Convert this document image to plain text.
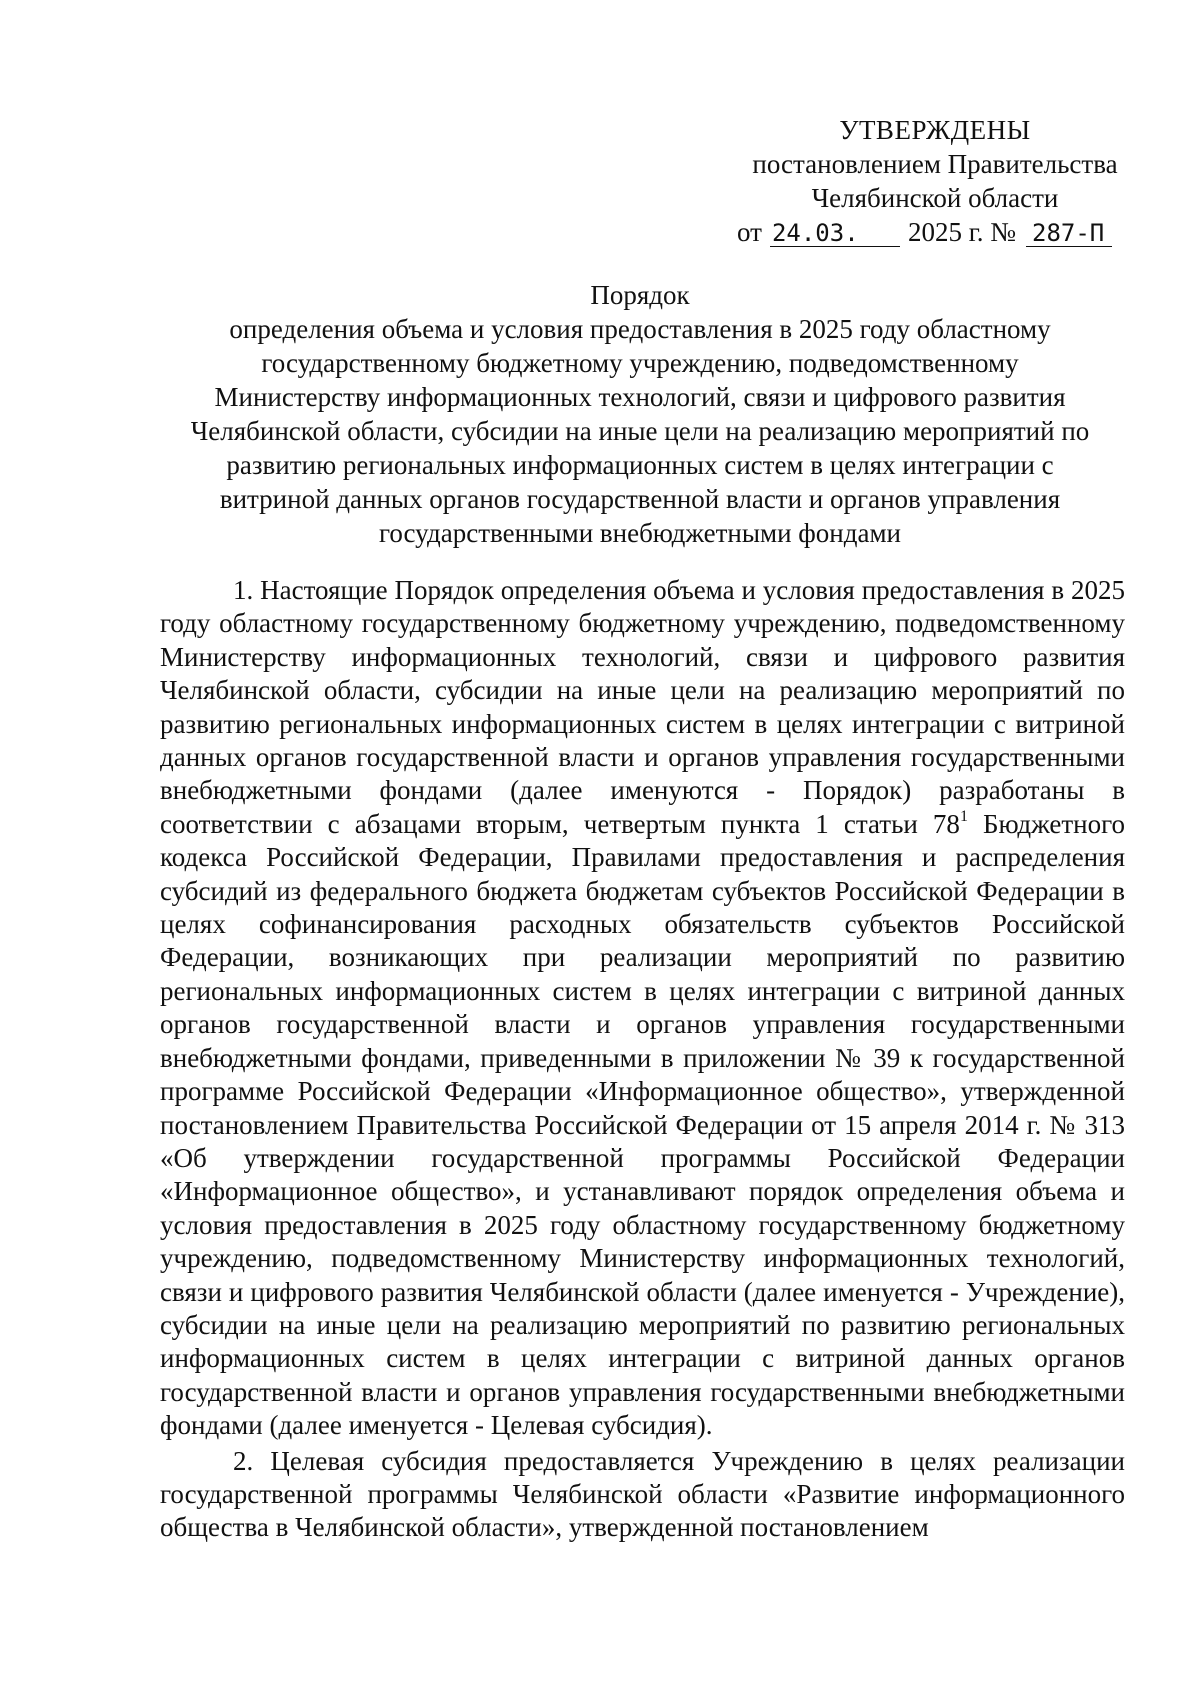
УТВЕРЖДЕНЫ
постановлением Правительства
Челябинской области
от 24.03.	2025 г. № 287-П
Порядок
определения объема и условия предоставления в 2025 году областному
государственному бюджетному учреждению, подведомственному
Министерству информационных технологий, связи и цифрового развития
Челябинской области, субсидии на иные цели на реализацию мероприятий по
развитию региональных информационных систем в целях интеграции с
витриной данных органов государственной власти и органов управления
государственными внебюджетными фондами

1. Настоящие Порядок определения объема и условия предоставления в 2025 году областному государственному бюджетному учреждению, подведомственному Министерству информационных технологий, связи и цифрового развития Челябинской области, субсидии на иные цели на реализацию мероприятий по развитию региональных информационных систем в целях интеграции с витриной данных органов государственной власти и органов управления государственными внебюджетными фондами (далее именуются - Порядок) разработаны в соответствии с абзацами вторым, четвертым пункта 1 статьи $78^1$ Бюджетного кодекса Российской Федерации, Правилами предоставления и распределения субсидий из федерального бюджета бюджетам субъектов Российской Федерации в целях софинансирования расходных обязательств субъектов Российской Федерации, возникающих при реализации мероприятий по развитию региональных информационных систем в целях интеграции с витриной данных органов государственной власти и органов управления государственными внебюджетными фондами, приведенными в приложении № 39 к государственной программе Российской Федерации «Информационное общество», утвержденной постановлением Правительства Российской Федерации от 15 апреля 2014 г. № 313 «Об утверждении государственной программы Российской Федерации «Информационное общество», и устанавливают порядок определения объема и условия предоставления в 2025 году областному государственному бюджетному учреждению, подведомственному Министерству информационных технологий, связи и цифрового развития Челябинской области (далее именуется - Учреждение), субсидии на иные цели на реализацию мероприятий по развитию региональных информационных систем в целях интеграции с витриной данных органов государственной власти и органов управления государственными внебюджетными фондами (далее именуется - Целевая субсидия).

2. Целевая субсидия предоставляется Учреждению в целях реализации государственной программы Челябинской области «Развитие информационного общества в Челябинской области», утвержденной постановлением
